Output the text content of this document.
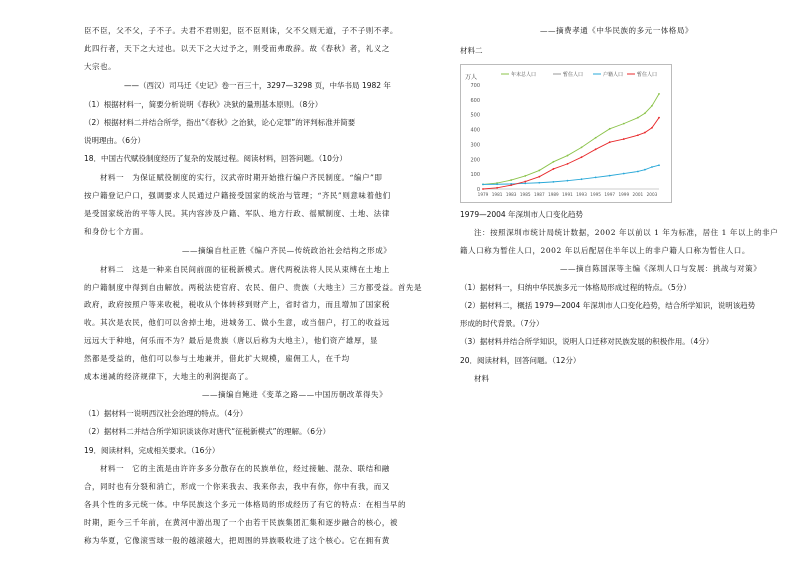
臣不臣，父不父，子不子。夫君不君则犯，臣不臣则诛，父不父则无道，子不子则不孝。
此四行者，天下之大过也。以天下之大过予之，则受而弗敢辞。故《春秋》者，礼义之
大宗也。
——（西汉）司马迁《史记》卷一百三十，3297—3298 页，中华书局 1982 年
（1）根据材料一，简要分析说明《春秋》决狱的量刑基本原则。（8分）
（2）根据材料二并结合所学，指出“《春秋》之治狱，论心定罪”的评判标准并简要
说明理由。（6分）
18．中国古代赋役制度经历了复杂的发展过程。阅读材料，回答问题。（10分）
材料一　为保证赋役制度的实行，汉武帝时期开始推行编户齐民制度。“编户”即
按户籍登记户口，强调要求人民通过户籍接受国家的统治与管理；“齐民”则意味着他们
是受国家统治的平等人民。其内容涉及户籍、军队、地方行政、徭赋制度、土地、法律
和身份七个方面。
——摘编自杜正胜《编户齐民—传统政治社会结构之形成》
材料二　这是一种来自民间前面的征税新模式。唐代两税法将人民从束缚在土地上
的户籍制度中得到自由解放。两税法使官府、农民、佃户、贵族（大地主）三方都受益。首先是
政府，政府按照户等来收税，税收从个体转移到财产上，省时省力，而且增加了国家税
收。其次是农民，他们可以舍掉土地，进城务工、做小生意，或当佃户，打工的收益远
远远大于种地，何乐而不为？最后是贵族（唐以后称为大地主），他们资产雄厚，显
然都是受益的，他们可以参与土地兼并，借此扩大规模，雇佣工人，在千均
成本递减的经济规律下，大地主的利润提高了。
——摘编自鲍进《变革之路——中国历朝改革得失》
（1）据材料一说明西汉社会治理的特点。（4分）
（2）据材料二并结合所学知识谈谈你对唐代“征税新模式”的理解。（6分）
19．阅读材料，完成相关要求。（16分）
材料一　它的主流是由许许多多分散存在的民族单位，经过接触、混杂、联结和融
合，同时也有分裂和消亡，形成一个你来我去、我来你去，我中有你，你中有我，而又
各具个性的多元统一体。中华民族这个多元一体格局的形成经历了有它的特点：在相当早的
时期，距今三千年前，在黄河中游出现了一个由若干民族集团汇集和逐步融合的核心，被
称为华夏，它像滚雪球一般的越滚越大，把周围的异族吸收进了这个核心。它在拥有黄
——摘费孝通《中华民族的多元一体格局》
材料二
万人
0
100
200
300
400
500
600
700
1979 1981 1983 1985 1987 1989 1991 1993 1995 1997 1999 2001 2003
年末总人口	暂住人口	户籍人口	暂住人口
1979—2004 年深圳市人口变化趋势
注：按照深圳市统计局统计数据，2002 年以前以 1 年为标准，居住 1 年以上的非户
籍人口称为暂住人口，2002 年以后配居住半年以上的非户籍人口称为暂住人口。
——摘自陈国深等主编《深圳人口与发展：挑战与对策》
（1）据材料一，归纳中华民族多元一体格局形成过程的特点。（5分）
（2）据材料二，概括 1979—2004 年深圳市人口变化趋势，结合所学知识，说明该趋势
形成的时代背景。（7分）
（3）据材料并结合所学知识，说明人口迁移对民族发展的积极作用。（4分）
20．阅读材料，回答问题。（12分）
材料
